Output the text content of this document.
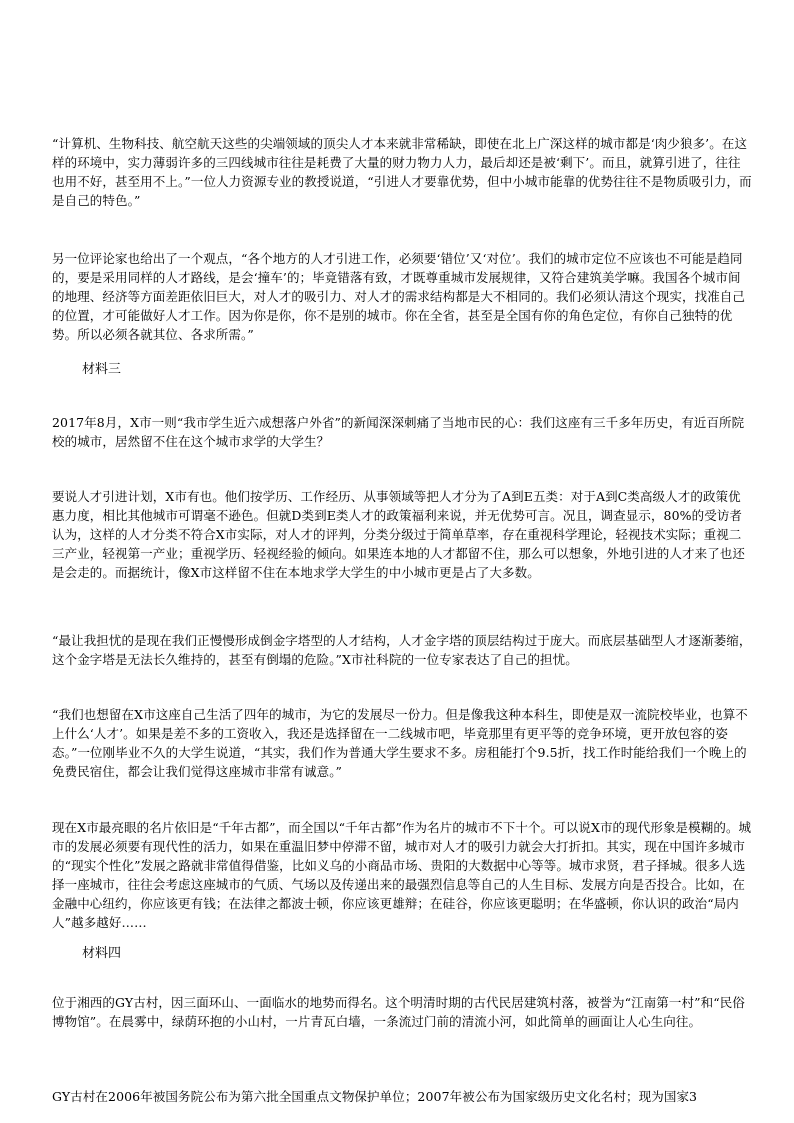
“计算机、生物科技、航空航天这些的尖端领域的顶尖人才本来就非常稀缺，即使在北上广深这样的城市都是‘肉少狼多’。在这样的环境中，实力薄弱许多的三四线城市往往是耗费了大量的财力物力人力，最后却还是被‘剩下’。而且，就算引进了，往往也用不好，甚至用不上。”一位人力资源专业的教授说道，“引进人才要靠优势，但中小城市能靠的优势往往不是物质吸引力，而是自己的特色。”
另一位评论家也给出了一个观点，“各个地方的人才引进工作，必须要‘错位’又‘对位’。我们的城市定位不应该也不可能是趋同的，要是采用同样的人才路线，是会‘撞车’的；毕竟错落有致，才既尊重城市发展规律，又符合建筑美学嘛。我国各个城市间的地理、经济等方面差距依旧巨大，对人才的吸引力、对人才的需求结构都是大不相同的。我们必须认清这个现实，找准自己的位置，才可能做好人才工作。因为你是你，你不是别的城市。你在全省，甚至是全国有你的角色定位，有你自己独特的优势。所以必须各就其位、各求所需。”
材料三
2017年8月，X市一则“我市学生近六成想落户外省”的新闻深深刺痛了当地市民的心：我们这座有三千多年历史，有近百所院校的城市，居然留不住在这个城市求学的大学生？
要说人才引进计划，X市有也。他们按学历、工作经历、从事领域等把人才分为了A到E五类：对于A到C类高级人才的政策优惠力度，相比其他城市可谓毫不逊色。但就D类到E类人才的政策福利来说，并无优势可言。况且，调查显示，80%的受访者认为，这样的人才分类不符合X市实际，对人才的评判，分类分级过于简单草率，存在重视科学理论，轻视技术实际；重视二三产业，轻视第一产业；重视学历、轻视经验的倾向。如果连本地的人才都留不住，那么可以想象，外地引进的人才来了也还是会走的。而据统计，像X市这样留不住在本地求学大学生的中小城市更是占了大多数。
“最让我担忧的是现在我们正慢慢形成倒金字塔型的人才结构，人才金字塔的顶层结构过于庞大。而底层基础型人才逐渐萎缩，这个金字塔是无法长久维持的，甚至有倒塌的危险。”X市社科院的一位专家表达了自己的担忧。
“我们也想留在X市这座自己生活了四年的城市，为它的发展尽一份力。但是像我这种本科生，即使是双一流院校毕业，也算不上什么‘人才’。如果是差不多的工资收入，我还是选择留在一二线城市吧，毕竟那里有更平等的竞争环境，更开放包容的姿态。”一位刚毕业不久的大学生说道，“其实，我们作为普通大学生要求不多。房租能打个9.5折，找工作时能给我们一个晚上的免费民宿住，都会让我们觉得这座城市非常有诚意。”
现在X市最亮眼的名片依旧是“千年古都”，而全国以“千年古都”作为名片的城市不下十个。可以说X市的现代形象是模糊的。城市的发展必须要有现代性的活力，如果在重温旧梦中停滞不留，城市对人才的吸引力就会大打折扣。其实，现在中国许多城市的“现实个性化”发展之路就非常值得借鉴，比如义乌的小商品市场、贵阳的大数据中心等等。城市求贤，君子择城。很多人选择一座城市，往往会考虑这座城市的气质、气场以及传递出来的最强烈信息等自己的人生目标、发展方向是否投合。比如，在金融中心纽约，你应该更有钱；在法律之都波士顿，你应该更雄辩；在硅谷，你应该更聪明；在华盛顿，你认识的政治“局内人”越多越好……
材料四
位于湘西的GY古村，因三面环山、一面临水的地势而得名。这个明清时期的古代民居建筑村落，被誉为“江南第一村”和“民俗博物馆”。在晨雾中，绿荫环抱的小山村，一片青瓦白墙，一条流过门前的清流小河，如此简单的画面让人心生向往。
GY古村在2006年被国务院公布为第六批全国重点文物保护单位；2007年被公布为国家级历史文化名村；现为国家3
